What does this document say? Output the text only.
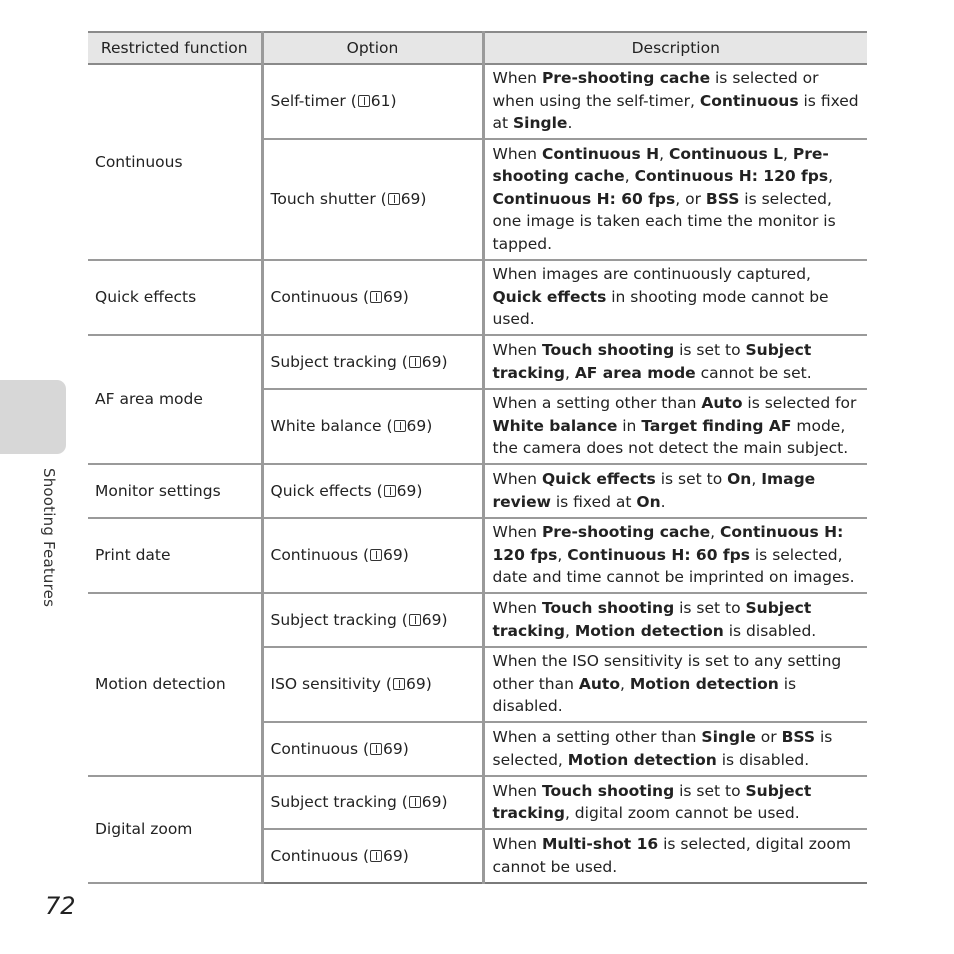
Restricted function	Option	Description
Continuous	Self-timer ( 61)	When Pre-shooting cache is selected or when using the self-timer, Continuous is fixed at Single.
	Touch shutter ( 69)	When Continuous H, Continuous L, Pre-shooting cache, Continuous H: 120 fps, Continuous H: 60 fps, or BSS is selected, one image is taken each time the monitor is tapped.
Quick effects	Continuous ( 69)	When images are continuously captured, Quick effects in shooting mode cannot be used.
AF area mode	Subject tracking ( 69)	When Touch shooting is set to Subject tracking, AF area mode cannot be set.
	White balance ( 69)	When a setting other than Auto is selected for White balance in Target finding AF mode, the camera does not detect the main subject.
Monitor settings	Quick effects ( 69)	When Quick effects is set to On, Image review is fixed at On.
Print date	Continuous ( 69)	When Pre-shooting cache, Continuous H: 120 fps, Continuous H: 60 fps is selected, date and time cannot be imprinted on images.
Motion detection	Subject tracking ( 69)	When Touch shooting is set to Subject tracking, Motion detection is disabled.
	ISO sensitivity ( 69)	When the ISO sensitivity is set to any setting other than Auto, Motion detection is disabled.
	Continuous ( 69)	When a setting other than Single or BSS is selected, Motion detection is disabled.
Digital zoom	Subject tracking ( 69)	When Touch shooting is set to Subject tracking, digital zoom cannot be used.
	Continuous ( 69)	When Multi-shot 16 is selected, digital zoom cannot be used.
Shooting Features
72
